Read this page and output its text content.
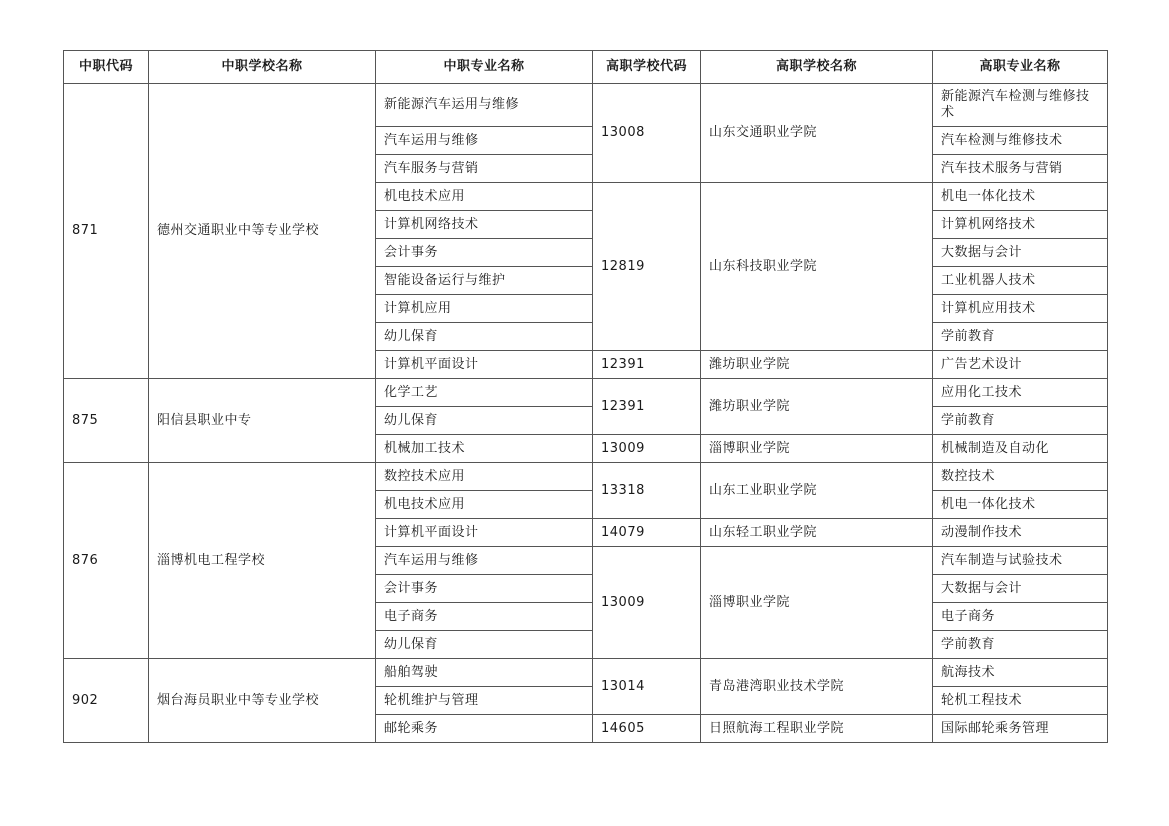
中职代码	中职学校名称	中职专业名称	高职学校代码	高职学校名称	高职专业名称
871	德州交通职业中等专业学校	新能源汽车运用与维修	13008	山东交通职业学院	新能源汽车检测与维修技术
		汽车运用与维修			汽车检测与维修技术
		汽车服务与营销			汽车技术服务与营销
		机电技术应用	12819	山东科技职业学院	机电一体化技术
		计算机网络技术			计算机网络技术
		会计事务			大数据与会计
		智能设备运行与维护			工业机器人技术
		计算机应用			计算机应用技术
		幼儿保育			学前教育
		计算机平面设计	12391	潍坊职业学院	广告艺术设计
875	阳信县职业中专	化学工艺	12391	潍坊职业学院	应用化工技术
		幼儿保育			学前教育
		机械加工技术	13009	淄博职业学院	机械制造及自动化
876	淄博机电工程学校	数控技术应用	13318	山东工业职业学院	数控技术
		机电技术应用			机电一体化技术
		计算机平面设计	14079	山东轻工职业学院	动漫制作技术
		汽车运用与维修	13009	淄博职业学院	汽车制造与试验技术
		会计事务			大数据与会计
		电子商务			电子商务
		幼儿保育			学前教育
902	烟台海员职业中等专业学校	船舶驾驶	13014	青岛港湾职业技术学院	航海技术
		轮机维护与管理			轮机工程技术
		邮轮乘务	14605	日照航海工程职业学院	国际邮轮乘务管理
